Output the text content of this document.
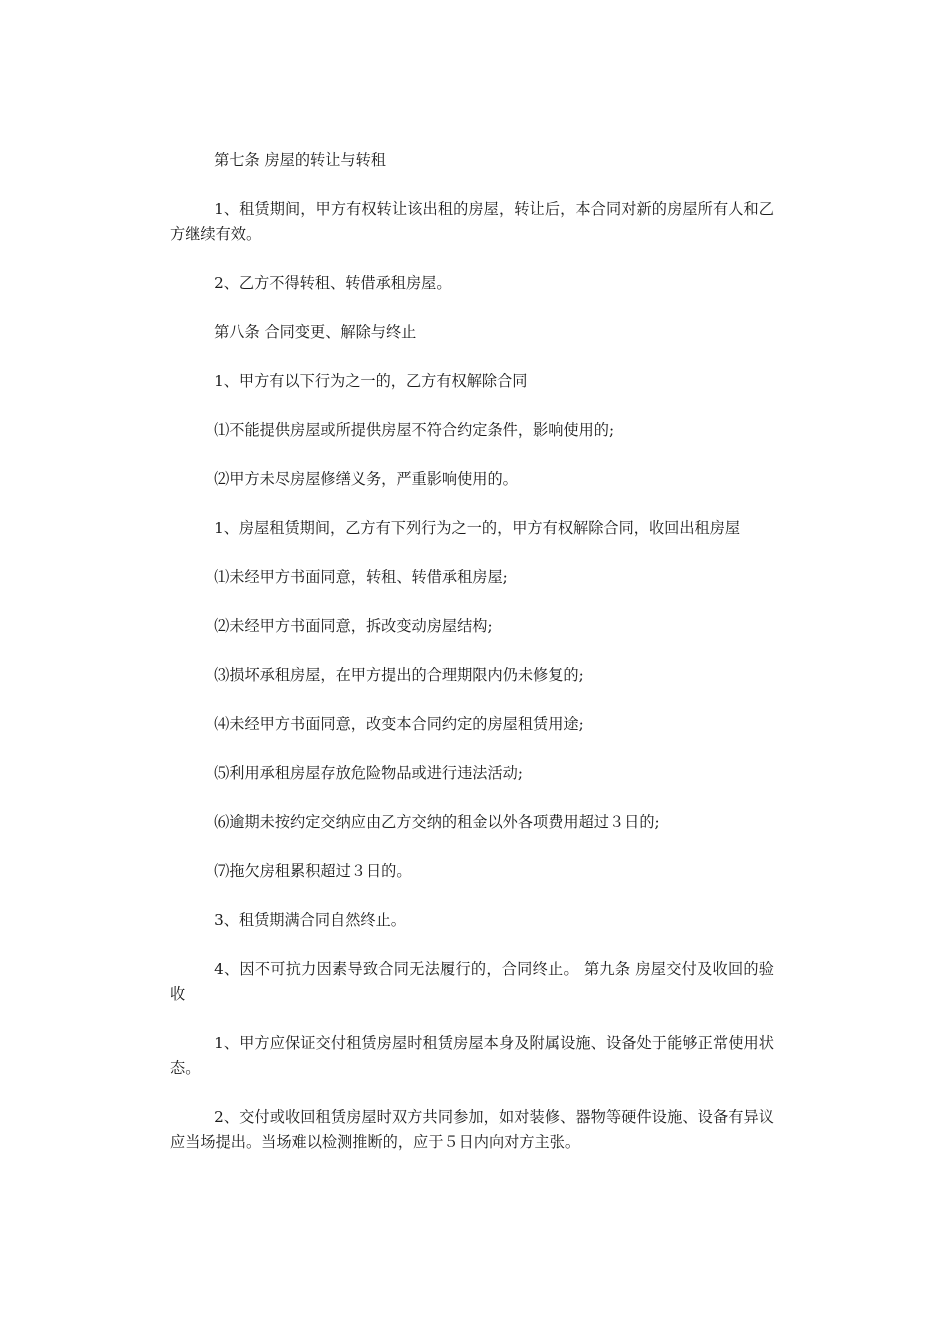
第七条 房屋的转让与转租

1、租赁期间，甲方有权转让该出租的房屋，转让后，本合同对新的房屋所有人和乙方继续有效。

2、乙方不得转租、转借承租房屋。

第八条 合同变更、解除与终止

1、甲方有以下行为之一的，乙方有权解除合同

⑴不能提供房屋或所提供房屋不符合约定条件，影响使用的;

⑵甲方未尽房屋修缮义务，严重影响使用的。

1、房屋租赁期间，乙方有下列行为之一的，甲方有权解除合同，收回出租房屋

⑴未经甲方书面同意，转租、转借承租房屋;

⑵未经甲方书面同意，拆改变动房屋结构;

⑶损坏承租房屋，在甲方提出的合理期限内仍未修复的;

⑷未经甲方书面同意，改变本合同约定的房屋租赁用途;

⑸利用承租房屋存放危险物品或进行违法活动;

⑹逾期未按约定交纳应由乙方交纳的租金以外各项费用超过３日的;

⑺拖欠房租累积超过３日的。

3、租赁期满合同自然终止。

4、因不可抗力因素导致合同无法履行的，合同终止。 第九条 房屋交付及收回的验收

1、甲方应保证交付租赁房屋时租赁房屋本身及附属设施、设备处于能够正常使用状态。

2、交付或收回租赁房屋时双方共同参加，如对装修、器物等硬件设施、设备有异议应当场提出。当场难以检测推断的，应于５日内向对方主张。
